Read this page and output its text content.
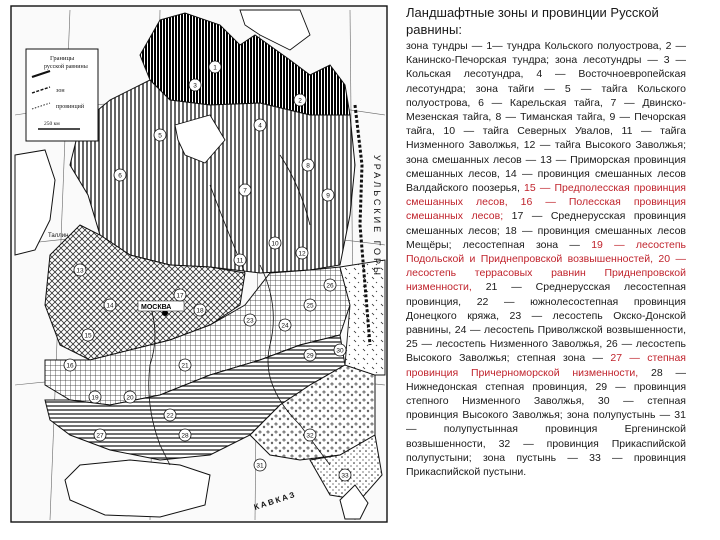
Границы
русской равнины
зон
провинций
250 км
МОСКВА
Таллин	УРАЛЬСКИЕ ГОРЫ
КАВКАЗ
1
2
3
4
5
6
7
8
9
10
11
12
13
14
15
16
17
18
19	20
21
22
23
24
25
26
27	28
29
30
31
32
33
Ландшафтные зоны и провинции Русской равнины:

зона тундры — 1— тундра Кольского полуострова, 2 — Канинско-Печорская тундра; зона лесотундры — 3 — Кольская лесотундра, 4 — Восточноевропейская лесотундра; зона тайги — 5 — тайга Кольского полуострова, 6 — Карельская тайга, 7 — Двинско-Мезенская тайга, 8 — Тиманская тайга, 9 — Печорская тайга, 10 — тайга Северных Увалов, 11 — тайга Низменного Заволжья, 12 — тайга Высокого Заволжья; зона смешанных лесов — 13 — Приморская провинция смешанных лесов, 14 — провинция смешанных лесов Валдайского поозерья, 15 — Предполесская провинция смешанных лесов, 16 — Полесская провинция смешанных лесов; 17 — Среднерусская провинция смешанных лесов; 18 — провинция смешанных лесов Мещёры; лесостепная зона — 19 — лесостепь Подольской и Приднепровской возвышенностей, 20 — лесостепь террасовых равнин Приднепровской низменности, 21 — Среднерусская лесостепная провинция, 22 — южнолесостепная провинция Донецкого кряжа, 23 — лесостепь Окско-Донской равнины, 24 — лесостепь Приволжской возвышенности, 25 — лесостепь Низменного Заволжья, 26 — лесостепь Высокого Заволжья; степная зона — 27 — степная провинция Причерноморской низменности, 28 — Нижнедонская степная провинция, 29 — провинция степного Низменного Заволжья, 30 — степная провинция Высокого Заволжья; зона полупустынь — 31 — полупустынная провинция Ергенинской возвышенности, 32 — провинция Прикаспийской полупустыни; зона пустынь — 33 — провинция Прикаспийской пустыни.
